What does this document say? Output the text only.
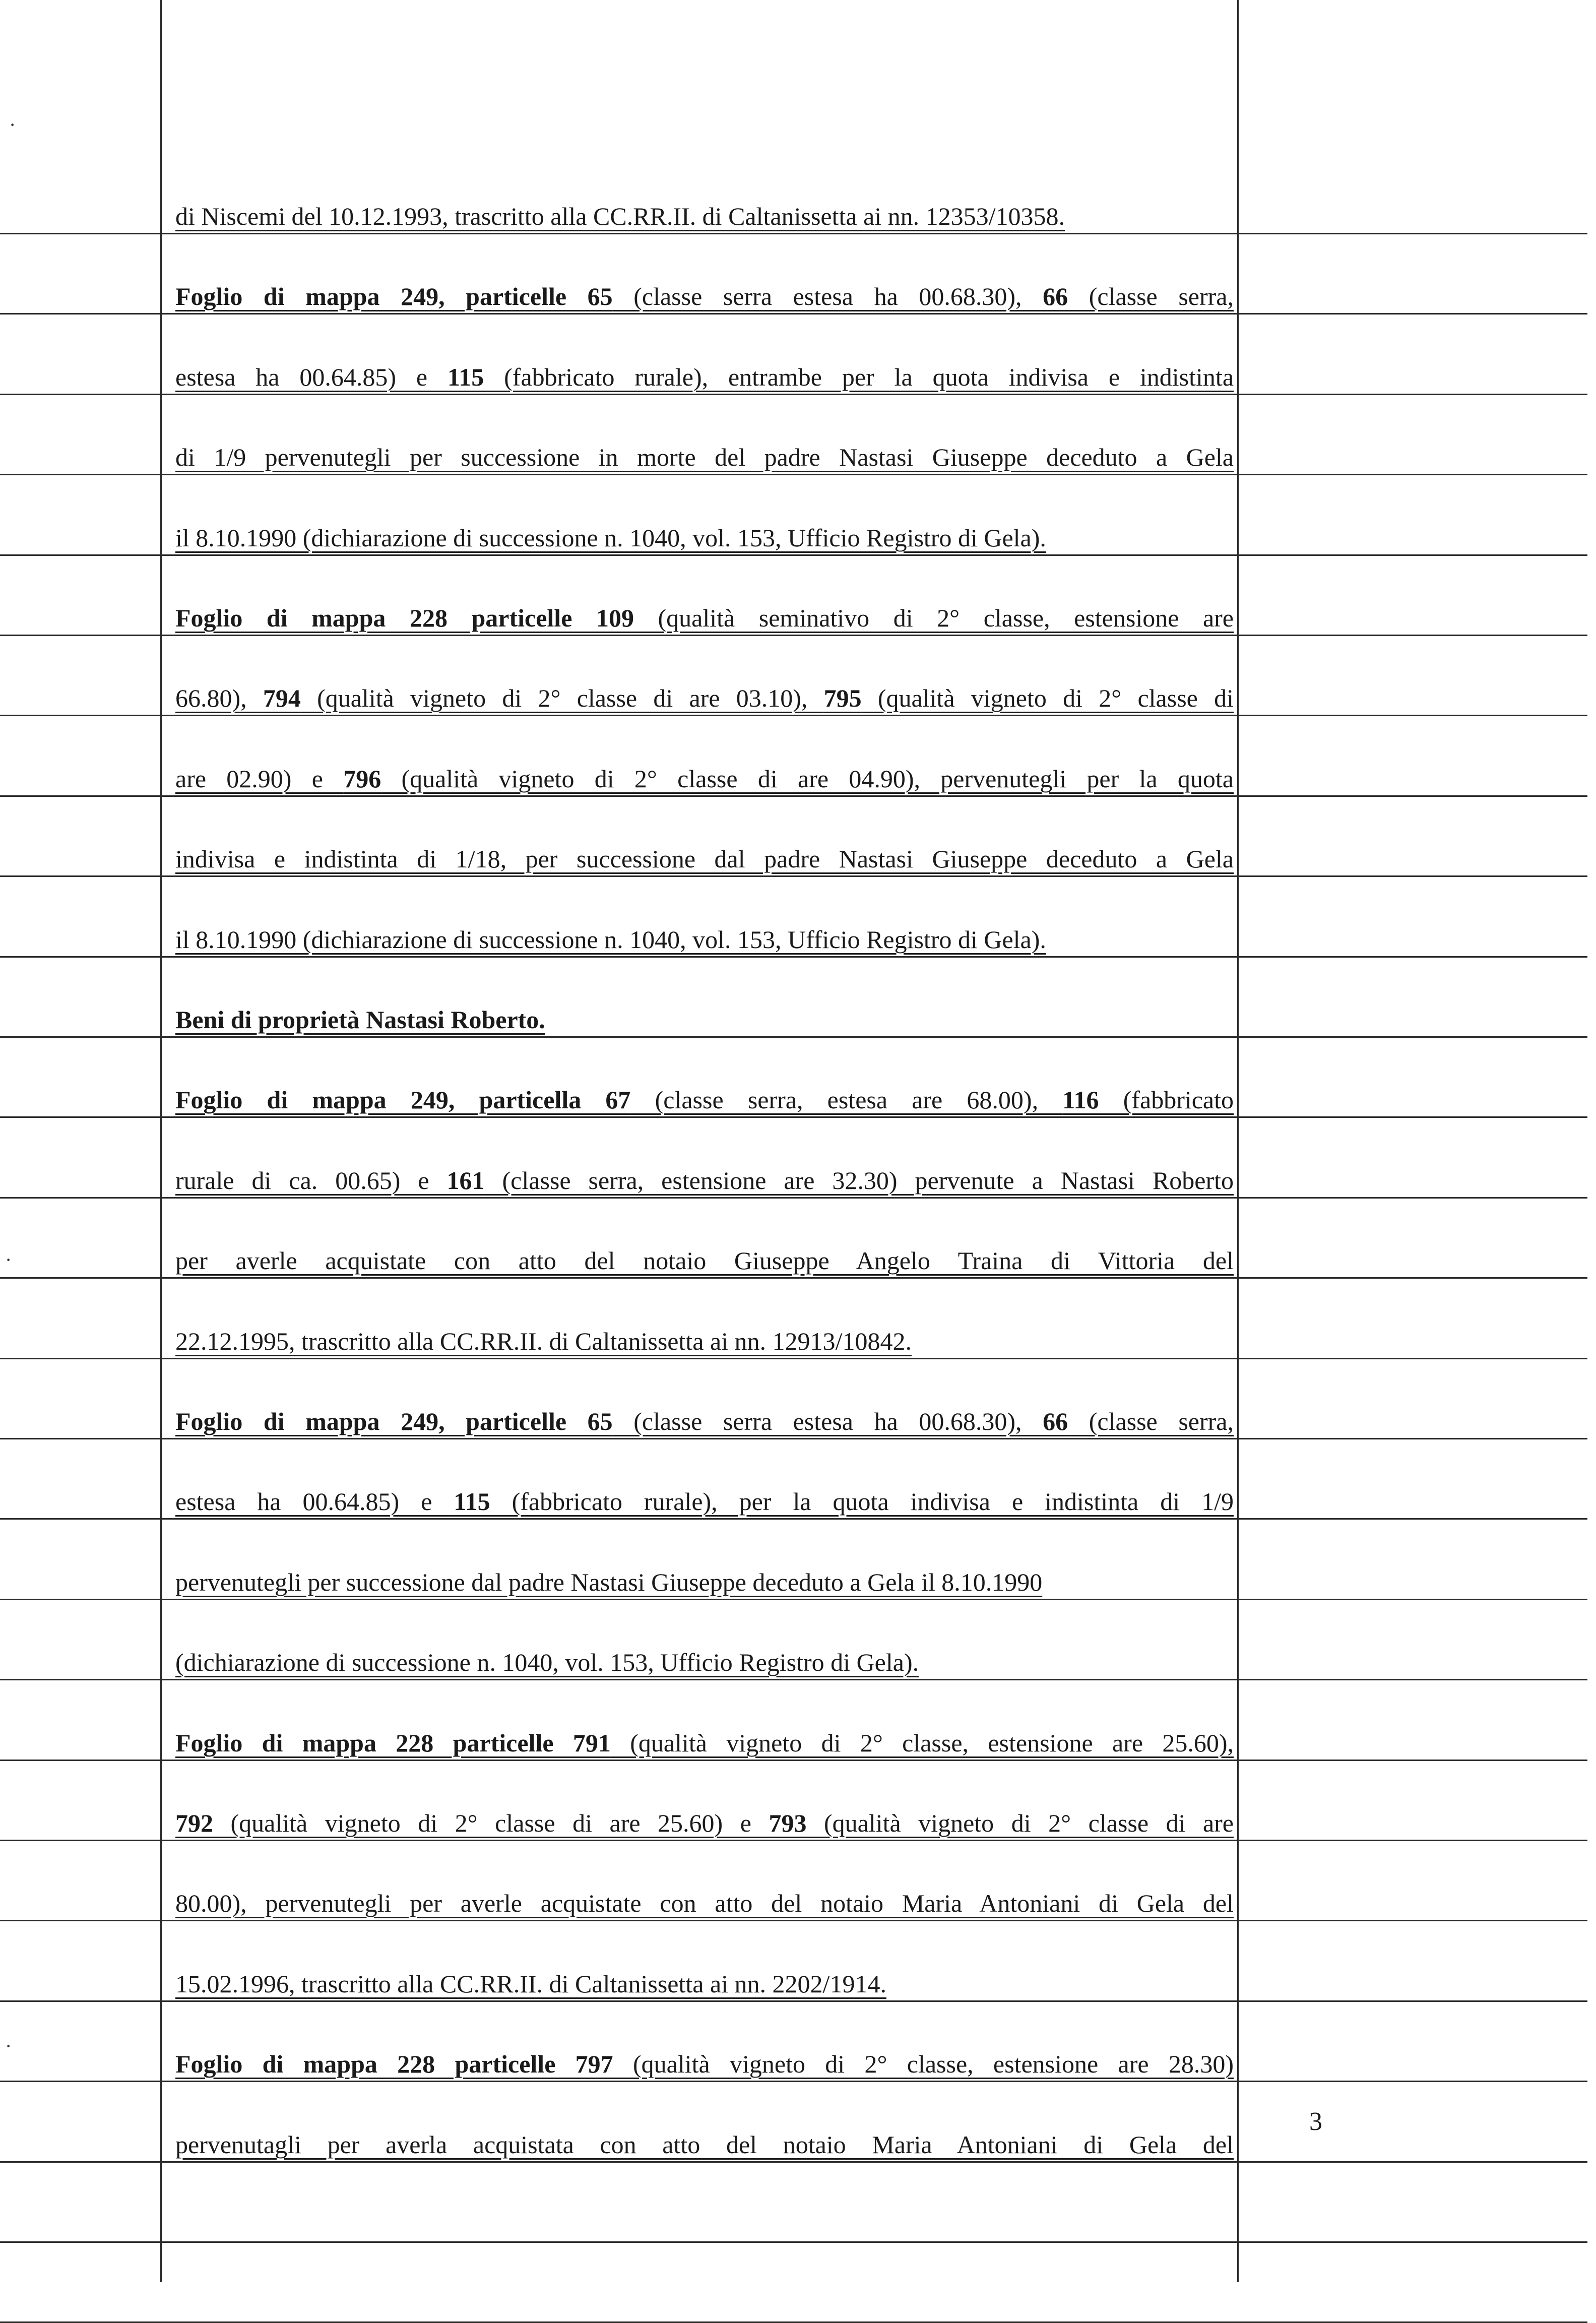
di Niscemi del 10.12.1993, trascritto alla CC.RR.II. di Caltanissetta ai nn. 12353/10358.
Foglio di mappa 249, particelle 65 (classe serra estesa ha 00.68.30), 66 (classe serra,
estesa ha 00.64.85) e 115 (fabbricato rurale), entrambe per la quota indivisa e indistinta
di 1/9 pervenutegli per successione in morte del padre Nastasi Giuseppe deceduto a Gela
il 8.10.1990 (dichiarazione di successione n. 1040, vol. 153, Ufficio Registro di Gela).
Foglio di mappa 228 particelle 109 (qualità seminativo di 2° classe, estensione are
66.80), 794 (qualità vigneto di 2° classe di are 03.10), 795 (qualità vigneto di 2° classe di
are 02.90) e 796 (qualità vigneto di 2° classe di are 04.90), pervenutegli per la quota
indivisa e indistinta di 1/18, per successione dal padre Nastasi Giuseppe deceduto a Gela
il 8.10.1990 (dichiarazione di successione n. 1040, vol. 153, Ufficio Registro di Gela).
Beni di proprietà Nastasi Roberto.
Foglio di mappa 249, particella 67 (classe serra, estesa are 68.00), 116 (fabbricato
rurale di ca. 00.65) e 161 (classe serra, estensione are 32.30) pervenute a Nastasi Roberto
per averle acquistate con atto del notaio Giuseppe Angelo Traina di Vittoria del
22.12.1995, trascritto alla CC.RR.II. di Caltanissetta ai nn. 12913/10842.
Foglio di mappa 249, particelle 65 (classe serra estesa ha 00.68.30), 66 (classe serra,
estesa ha 00.64.85) e 115 (fabbricato rurale), per la quota indivisa e indistinta di 1/9
pervenutegli per successione dal padre Nastasi Giuseppe deceduto a Gela il 8.10.1990
(dichiarazione di successione n. 1040, vol. 153, Ufficio Registro di Gela).
Foglio di mappa 228 particelle 791 (qualità vigneto di 2° classe, estensione are 25.60),
792 (qualità vigneto di 2° classe di are 25.60) e 793 (qualità vigneto di 2° classe di are
80.00), pervenutegli per averle acquistate con atto del notaio Maria Antoniani di Gela del
15.02.1996, trascritto alla CC.RR.II. di Caltanissetta ai nn. 2202/1914.
Foglio di mappa 228 particelle 797 (qualità vigneto di 2° classe, estensione are 28.30)
pervenutagli per averla acquistata con atto del notaio Maria Antoniani di Gela del
3
·
·
·
